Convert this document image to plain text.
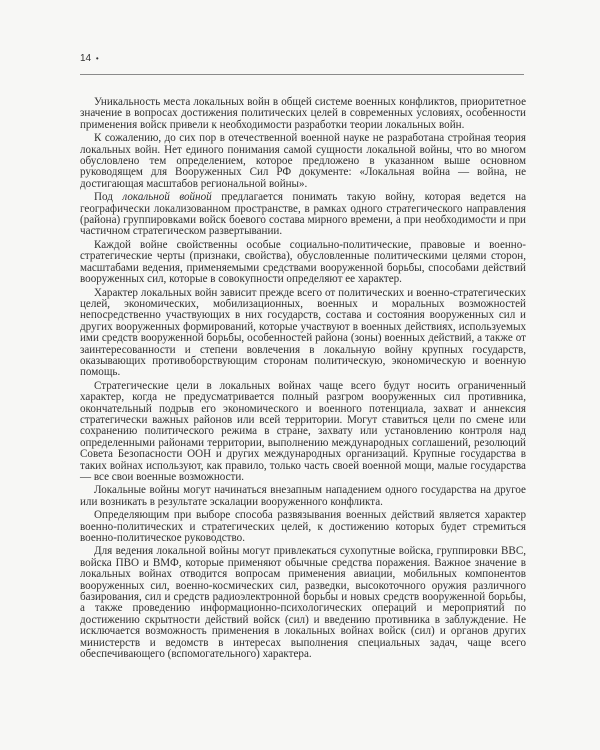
14 •

Уникальность места локальных войн в общей системе военных конфликтов, приоритетное значение в вопросах достижения политических целей в современных условиях, особенности применения войск привели к необходимости разработки теории локальных войн.

К сожалению, до сих пор в отечественной военной науке не разработана стройная теория локальных войн. Нет единого понимания самой сущности локальной войны, что во многом обусловлено тем определением, которое предложено в указанном выше основном руководящем для Вооруженных Сил РФ документе: «Локальная война — война, не достигающая масштабов региональной войны».

Под локальной войной предлагается понимать такую войну, которая ведется на географически локализованном пространстве, в рамках одного стратегического направления (района) группировками войск боевого состава мирного времени, а при необходимости и при частичном стратегическом развертывании.

Каждой войне свойственны особые социально-политические, правовые и военно-стратегические черты (признаки, свойства), обусловленные политическими целями сторон, масштабами ведения, применяемыми средствами вооруженной борьбы, способами действий вооруженных сил, которые в совокупности определяют ее характер.

Характер локальных войн зависит прежде всего от политических и военно-стратегических целей, экономических, мобилизационных, военных и моральных возможностей непосредственно участвующих в них государств, состава и состояния вооруженных сил и других вооруженных формирований, которые участвуют в военных действиях, используемых ими средств вооруженной борьбы, особенностей района (зоны) военных действий, а также от заинтересованности и степени вовлечения в локальную войну крупных государств, оказывающих противоборствующим сторонам политическую, экономическую и военную помощь.

Стратегические цели в локальных войнах чаще всего будут носить ограниченный характер, когда не предусматривается полный разгром вооруженных сил противника, окончательный подрыв его экономического и военного потенциала, захват и аннексия стратегически важных районов или всей территории. Могут ставиться цели по смене или сохранению политического режима в стране, захвату или установлению контроля над определенными районами территории, выполнению международных соглашений, резолюций Совета Безопасности ООН и других международных организаций. Крупные государства в таких войнах используют, как правило, только часть своей военной мощи, малые государства — все свои военные возможности.

Локальные войны могут начинаться внезапным нападением одного государства на другое или возникать в результате эскалации вооруженного конфликта.

Определяющим при выборе способа развязывания военных действий является характер военно-политических и стратегических целей, к достижению которых будет стремиться военно-политическое руководство.

Для ведения локальной войны могут привлекаться сухопутные войска, группировки ВВС, войска ПВО и ВМФ, которые применяют обычные средства поражения. Важное значение в локальных войнах отводится вопросам применения авиации, мобильных компонентов вооруженных сил, военно-космических сил, разведки, высокоточного оружия различного базирования, сил и средств радиоэлектронной борьбы и новых средств вооруженной борьбы, а также проведению информационно-психологических операций и мероприятий по достижению скрытности действий войск (сил) и введению противника в заблуждение. Не исключается возможность применения в локальных войнах войск (сил) и органов других министерств и ведомств в интересах выполнения специальных задач, чаще всего обеспечивающего (вспомогательного) характера.
